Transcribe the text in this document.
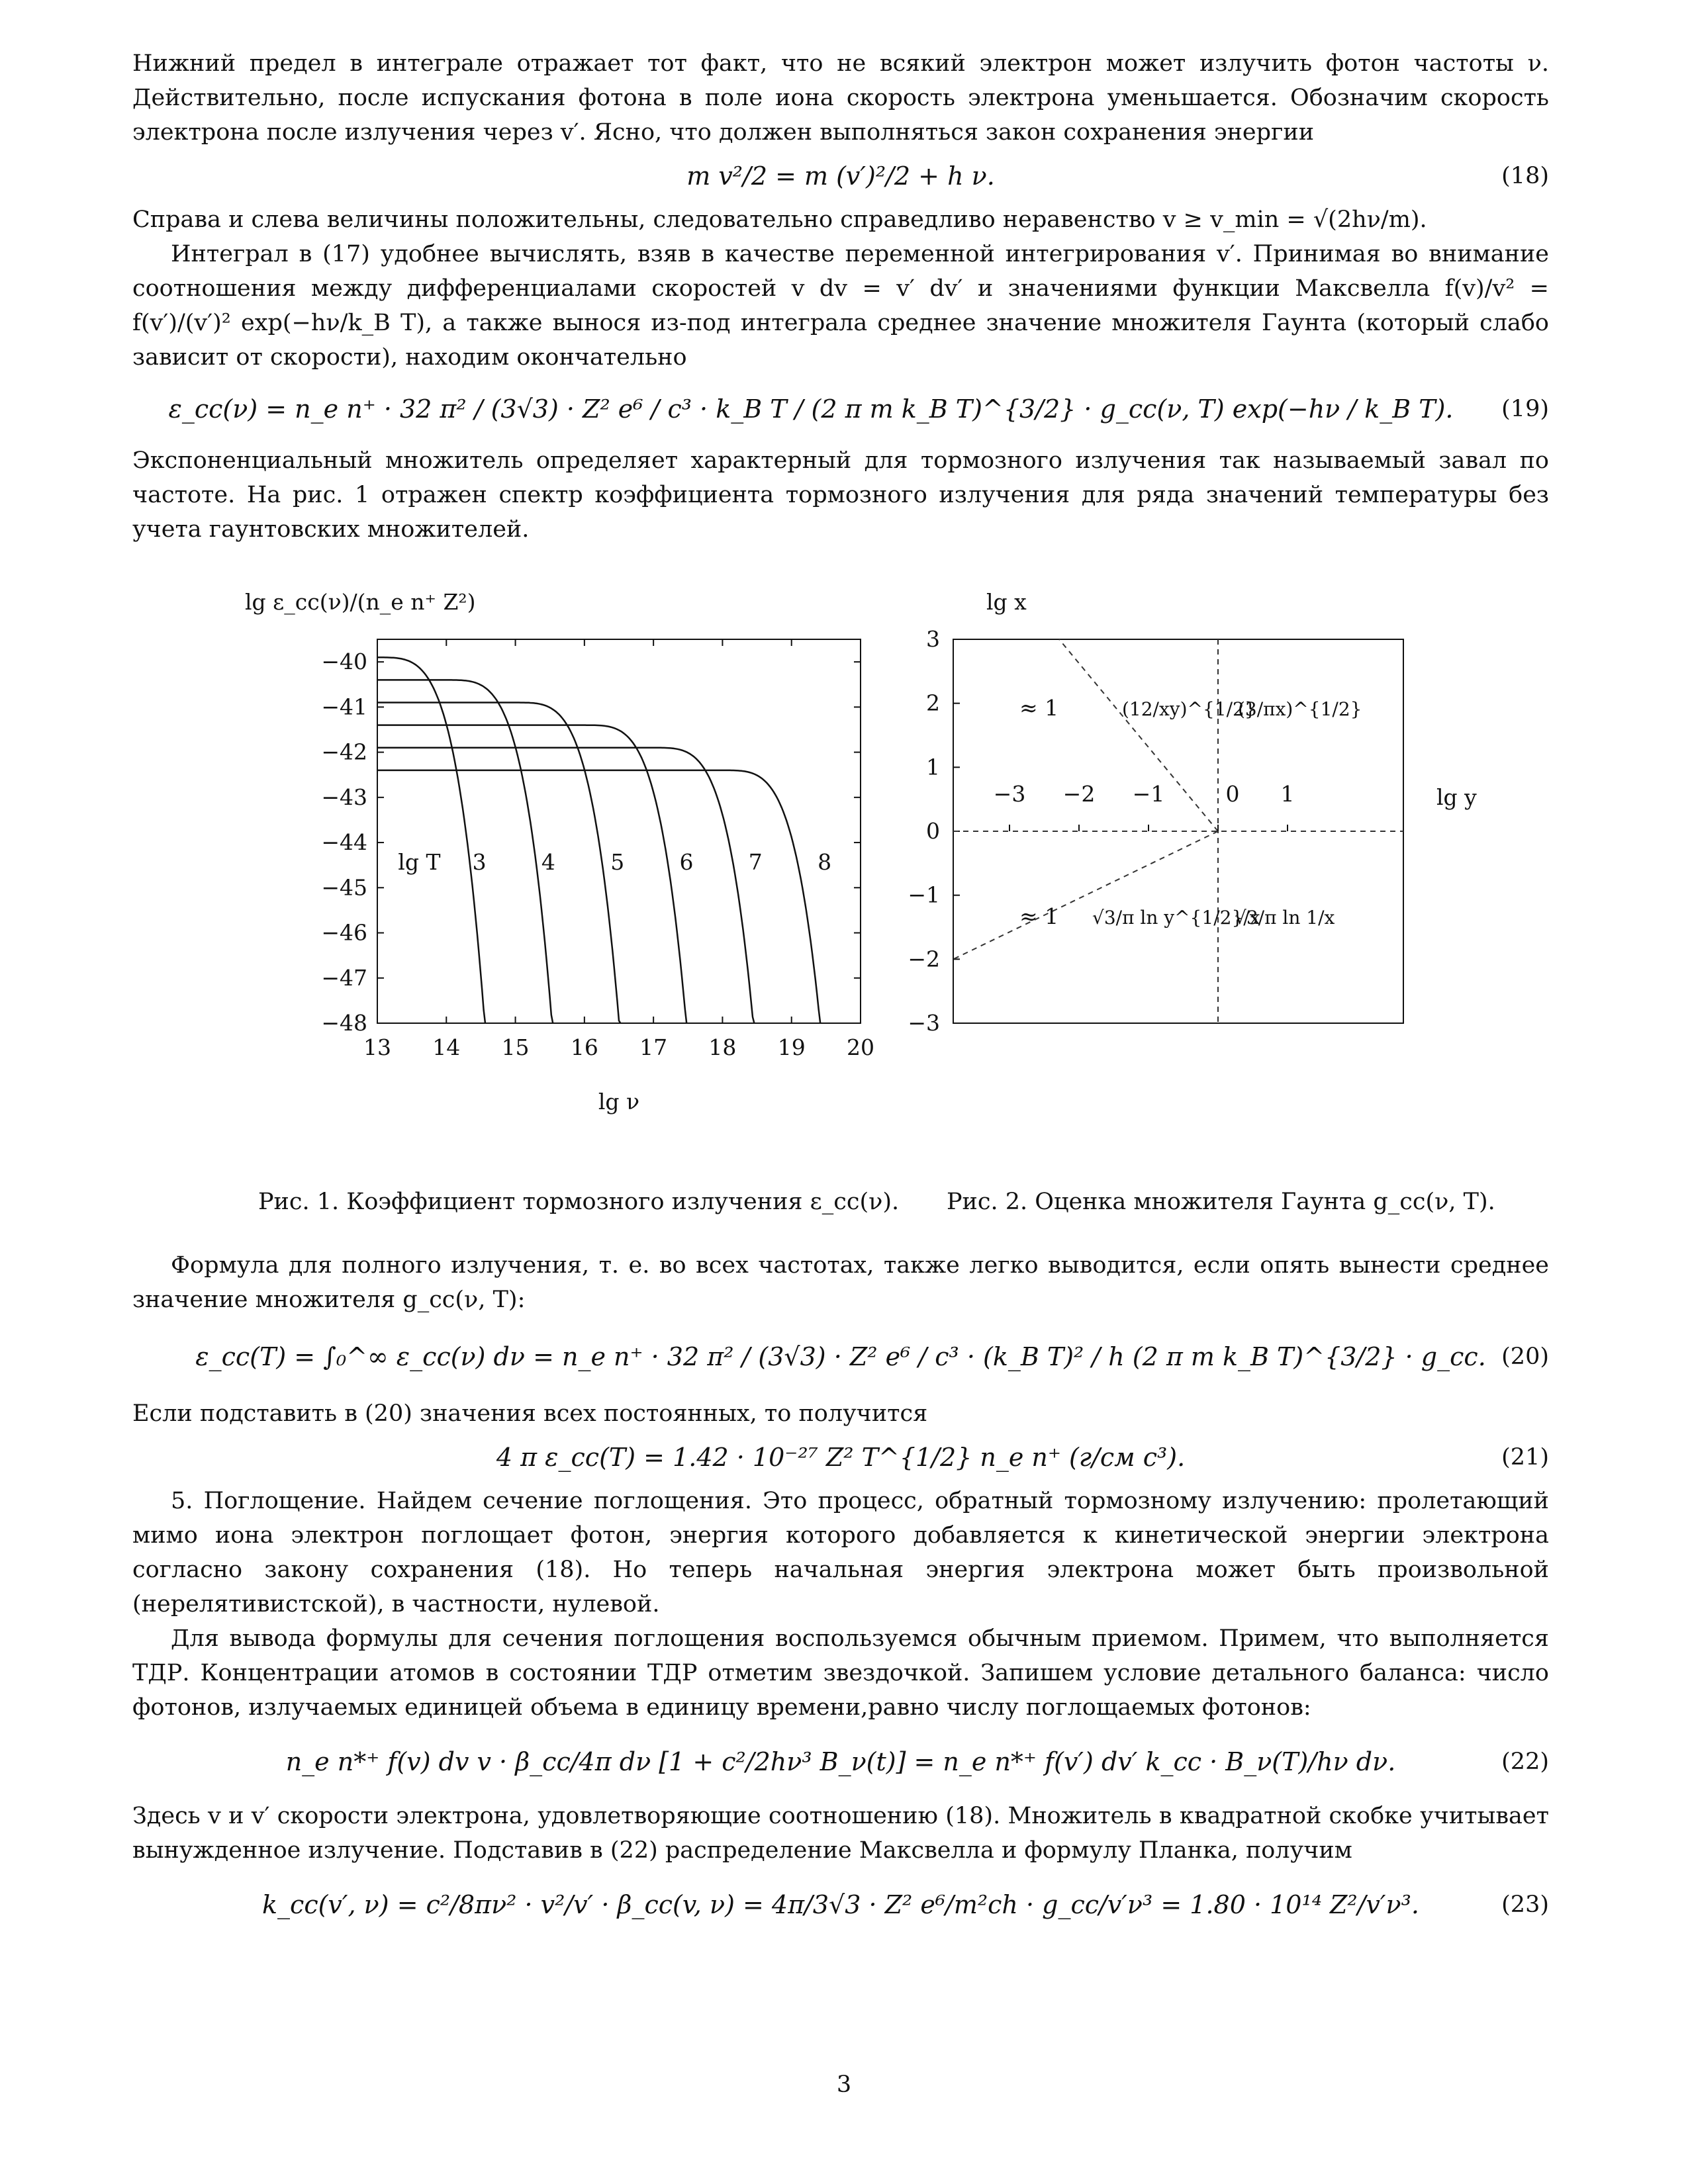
Нижний предел в интеграле отражает тот факт, что не всякий электрон может излучить фотон частоты ν. Действительно, после испускания фотона в поле иона скорость электрона уменьшается. Обозначим скорость электрона после излучения через v′. Ясно, что должен выполняться закон сохранения энергии

m v²/2 = m (v′)²/2 + h ν.	(18)

Справа и слева величины положительны, следовательно справедливо неравенство v ≥ v_min = √(2hν/m).

Интеграл в (17) удобнее вычислять, взяв в качестве переменной интегрирования v′. Принимая во внимание соотношения между дифференциалами скоростей v dv = v′ dv′ и значениями функции Максвелла f(v)/v² = f(v′)/(v′)² exp(−hν/k_B T), а также вынося из-под интеграла среднее значение множителя Гаунта (который слабо зависит от скорости), находим окончательно

ε_cc(ν) = n_e n⁺ · 32 π² / (3√3) · Z² e⁶ / c³ · k_B T / (2 π m k_B T)^{3/2} · g_cc(ν, T) exp(−hν / k_B T). (19)

Экспоненциальный множитель определяет характерный для тормозного излучения так называемый завал по частоте. На рис. 1 отражен спектр коэффициента тормозного излучения для ряда значений температуры без учета гаунтовских множителей.

lg ε_cc(ν)/(n_e n⁺ Z²)
lg ν
13 14 15 16 17 18 19 20
−40
−41
−42
−43
−44
−45
−46
−47
−48
3	4	5	6	7	8
lg T
lg x
lg y
3
2
1
0
−1
−2
−3
−3 −2 −1	0 1
≈ 1	(12/xy)^{1/2}
(3/πx)^{1/2}
≈ 1 √3/π ln y^{1/2}/x
√3/π ln 1/x
Рис. 1. Коэффициент тормозного излучения ε_cc(ν). Рис. 2. Оценка множителя Гаунта g_cc(ν, T).

Формула для полного излучения, т. е. во всех частотах, также легко выводится, если опять вынести среднее значение множителя g_cc(ν, T):

ε_cc(T) = ∫₀^∞ ε_cc(ν) dν = n_e n⁺ · 32 π² / (3√3) · Z² e⁶ / c³ · (k_B T)² / h (2 π m k_B T)^{3/2} · g_cc. (20)

Если подставить в (20) значения всех постоянных, то получится

4 π ε_cc(T) = 1.42 · 10⁻²⁷ Z² T^{1/2} n_e n⁺ (г/см c³).	(21)

5. Поглощение. Найдем сечение поглощения. Это процесс, обратный тормозному излучению: пролетающий мимо иона электрон поглощает фотон, энергия которого добавляется к кинетической энергии электрона согласно закону сохранения (18). Но теперь начальная энергия электрона может быть произвольной (нерелятивистской), в частности, нулевой.

Для вывода формулы для сечения поглощения воспользуемся обычным приемом. Примем, что выполняется ТДР. Концентрации атомов в состоянии ТДР отметим звездочкой. Запишем условие детального баланса: число фотонов, излучаемых единицей объема в единицу времени,равно числу поглощаемых фотонов:

n_e n*⁺ f(v) dv v · β_cc/4π dν [1 + c²/2hν³ B_ν(t)] = n_e n*⁺ f(v′) dv′ k_cc · B_ν(T)/hν dν.	(22)

Здесь v и v′ скорости электрона, удовлетворяющие соотношению (18). Множитель в квадратной скобке учитывает вынужденное излучение. Подставив в (22) распределение Максвелла и формулу Планка, получим

k_cc(v′, ν) = c²/8πν² · v²/v′ · β_cc(v, ν) = 4π/3√3 · Z² e⁶/m²ch · g_cc/v′ν³ = 1.80 · 10¹⁴ Z²/v′ν³.	(23)
3
